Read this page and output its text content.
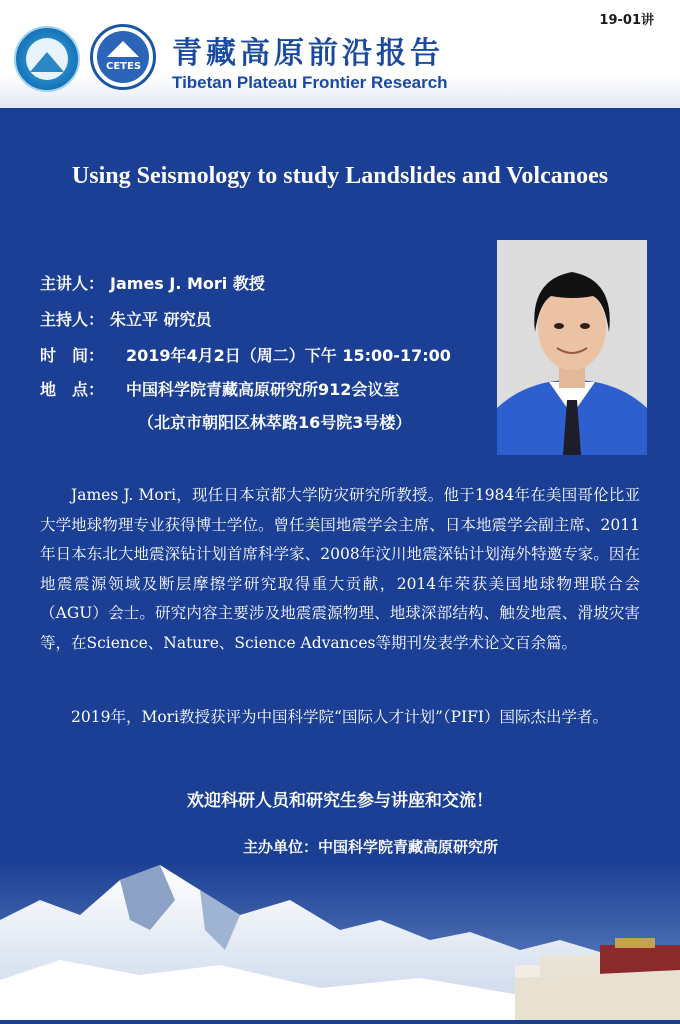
19-01讲
CETES 青藏高原前沿报告
Tibetan Plateau Frontier Research
Using Seismology to study Landslides and Volcanoes
主讲人： James J. Mori 教授
主持人： 朱立平 研究员
时　间： 2019年4月2日（周二）下午 15:00-17:00
地　点： 中国科学院青藏高原研究所912会议室
（北京市朝阳区林萃路16号院3号楼）

James J. Mori，现任日本京都大学防灾研究所教授。他于1984年在美国哥伦比亚大学地球物理专业获得博士学位。曾任美国地震学会主席、日本地震学会副主席、2011年日本东北大地震深钻计划首席科学家、2008年汶川地震深钻计划海外特邀专家。因在地震震源领域及断层摩擦学研究取得重大贡献，2014年荣获美国地球物理联合会（AGU）会士。研究内容主要涉及地震震源物理、地球深部结构、触发地震、滑坡灾害等，在Science、Nature、Science Advances等期刊发表学术论文百余篇。

2019年，Mori教授获评为中国科学院“国际人才计划”（PIFI）国际杰出学者。

欢迎科研人员和研究生参与讲座和交流！
主办单位：中国科学院青藏高原研究所
